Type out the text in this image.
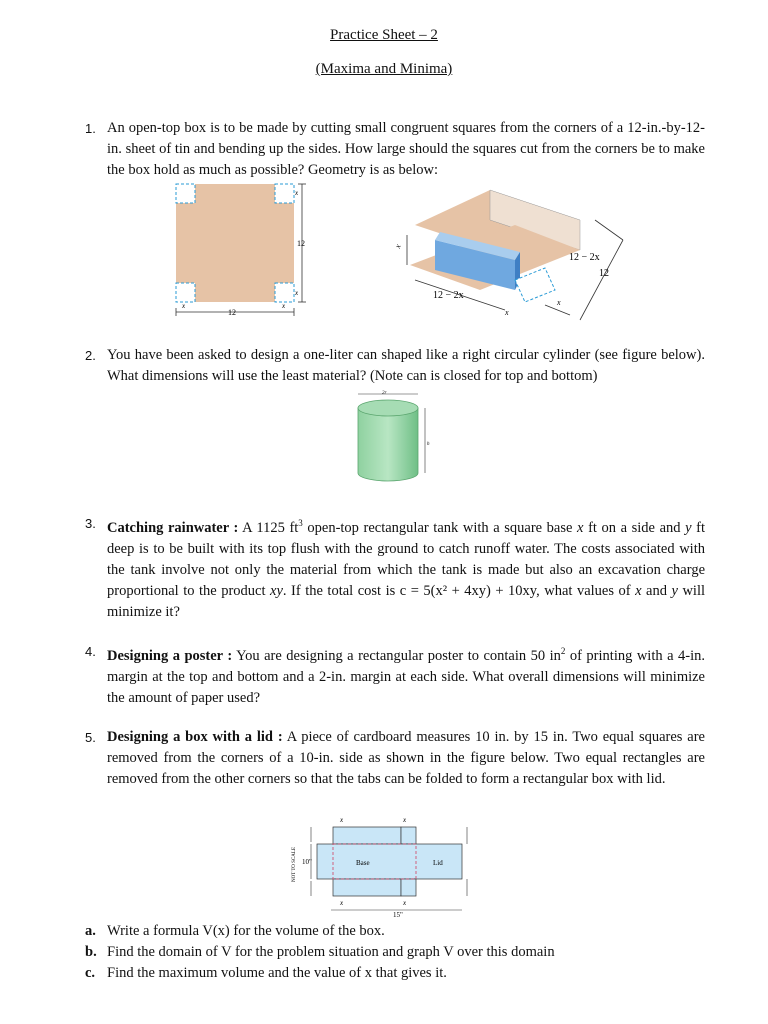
Practice Sheet – 2
(Maxima and Minima)
1. An open-top box is to be made by cutting small congruent squares from the corners of a 12-in.-by-12-in. sheet of tin and bending up the sides. How large should the squares cut from the corners be to make the box hold as much as possible? Geometry is as below:
12
12
x	x
x
x
x
12 − 2x
12 − 2x
12
x
x
2. You have been asked to design a one-liter can shaped like a right circular cylinder (see figure below). What dimensions will use the least material? (Note can is closed for top and bottom)
2r
h
3. Catching rainwater : A 1125 $ft^3$ open-top rectangular tank with a square base x ft on a side and y ft deep is to be built with its top flush with the ground to catch runoff water. The costs associated with the tank involve not only the material from which the tank is made but also an excavation charge proportional to the product xy. If the total cost is c = 5(x² + 4xy) + 10xy, what values of x and y will minimize it?
4. Designing a poster : You are designing a rectangular poster to contain 50 $in^2$ of printing with a 4-in. margin at the top and bottom and a 2-in. margin at each side. What overall dimensions will minimize the amount of paper used?
5. Designing a box with a lid : A piece of cardboard measures 10 in. by 15 in. Two equal squares are removed from the corners of a 10-in. side as shown in the figure below. Two equal rectangles are removed from the other corners so that the tabs can be folded to form a rectangular box with lid.
Base	Lid
10"
15"
x	x
x	x
NOT TO SCALE
a. Write a formula V(x) for the volume of the box.
b. Find the domain of V for the problem situation and graph V over this domain
c. Find the maximum volume and the value of x that gives it.
